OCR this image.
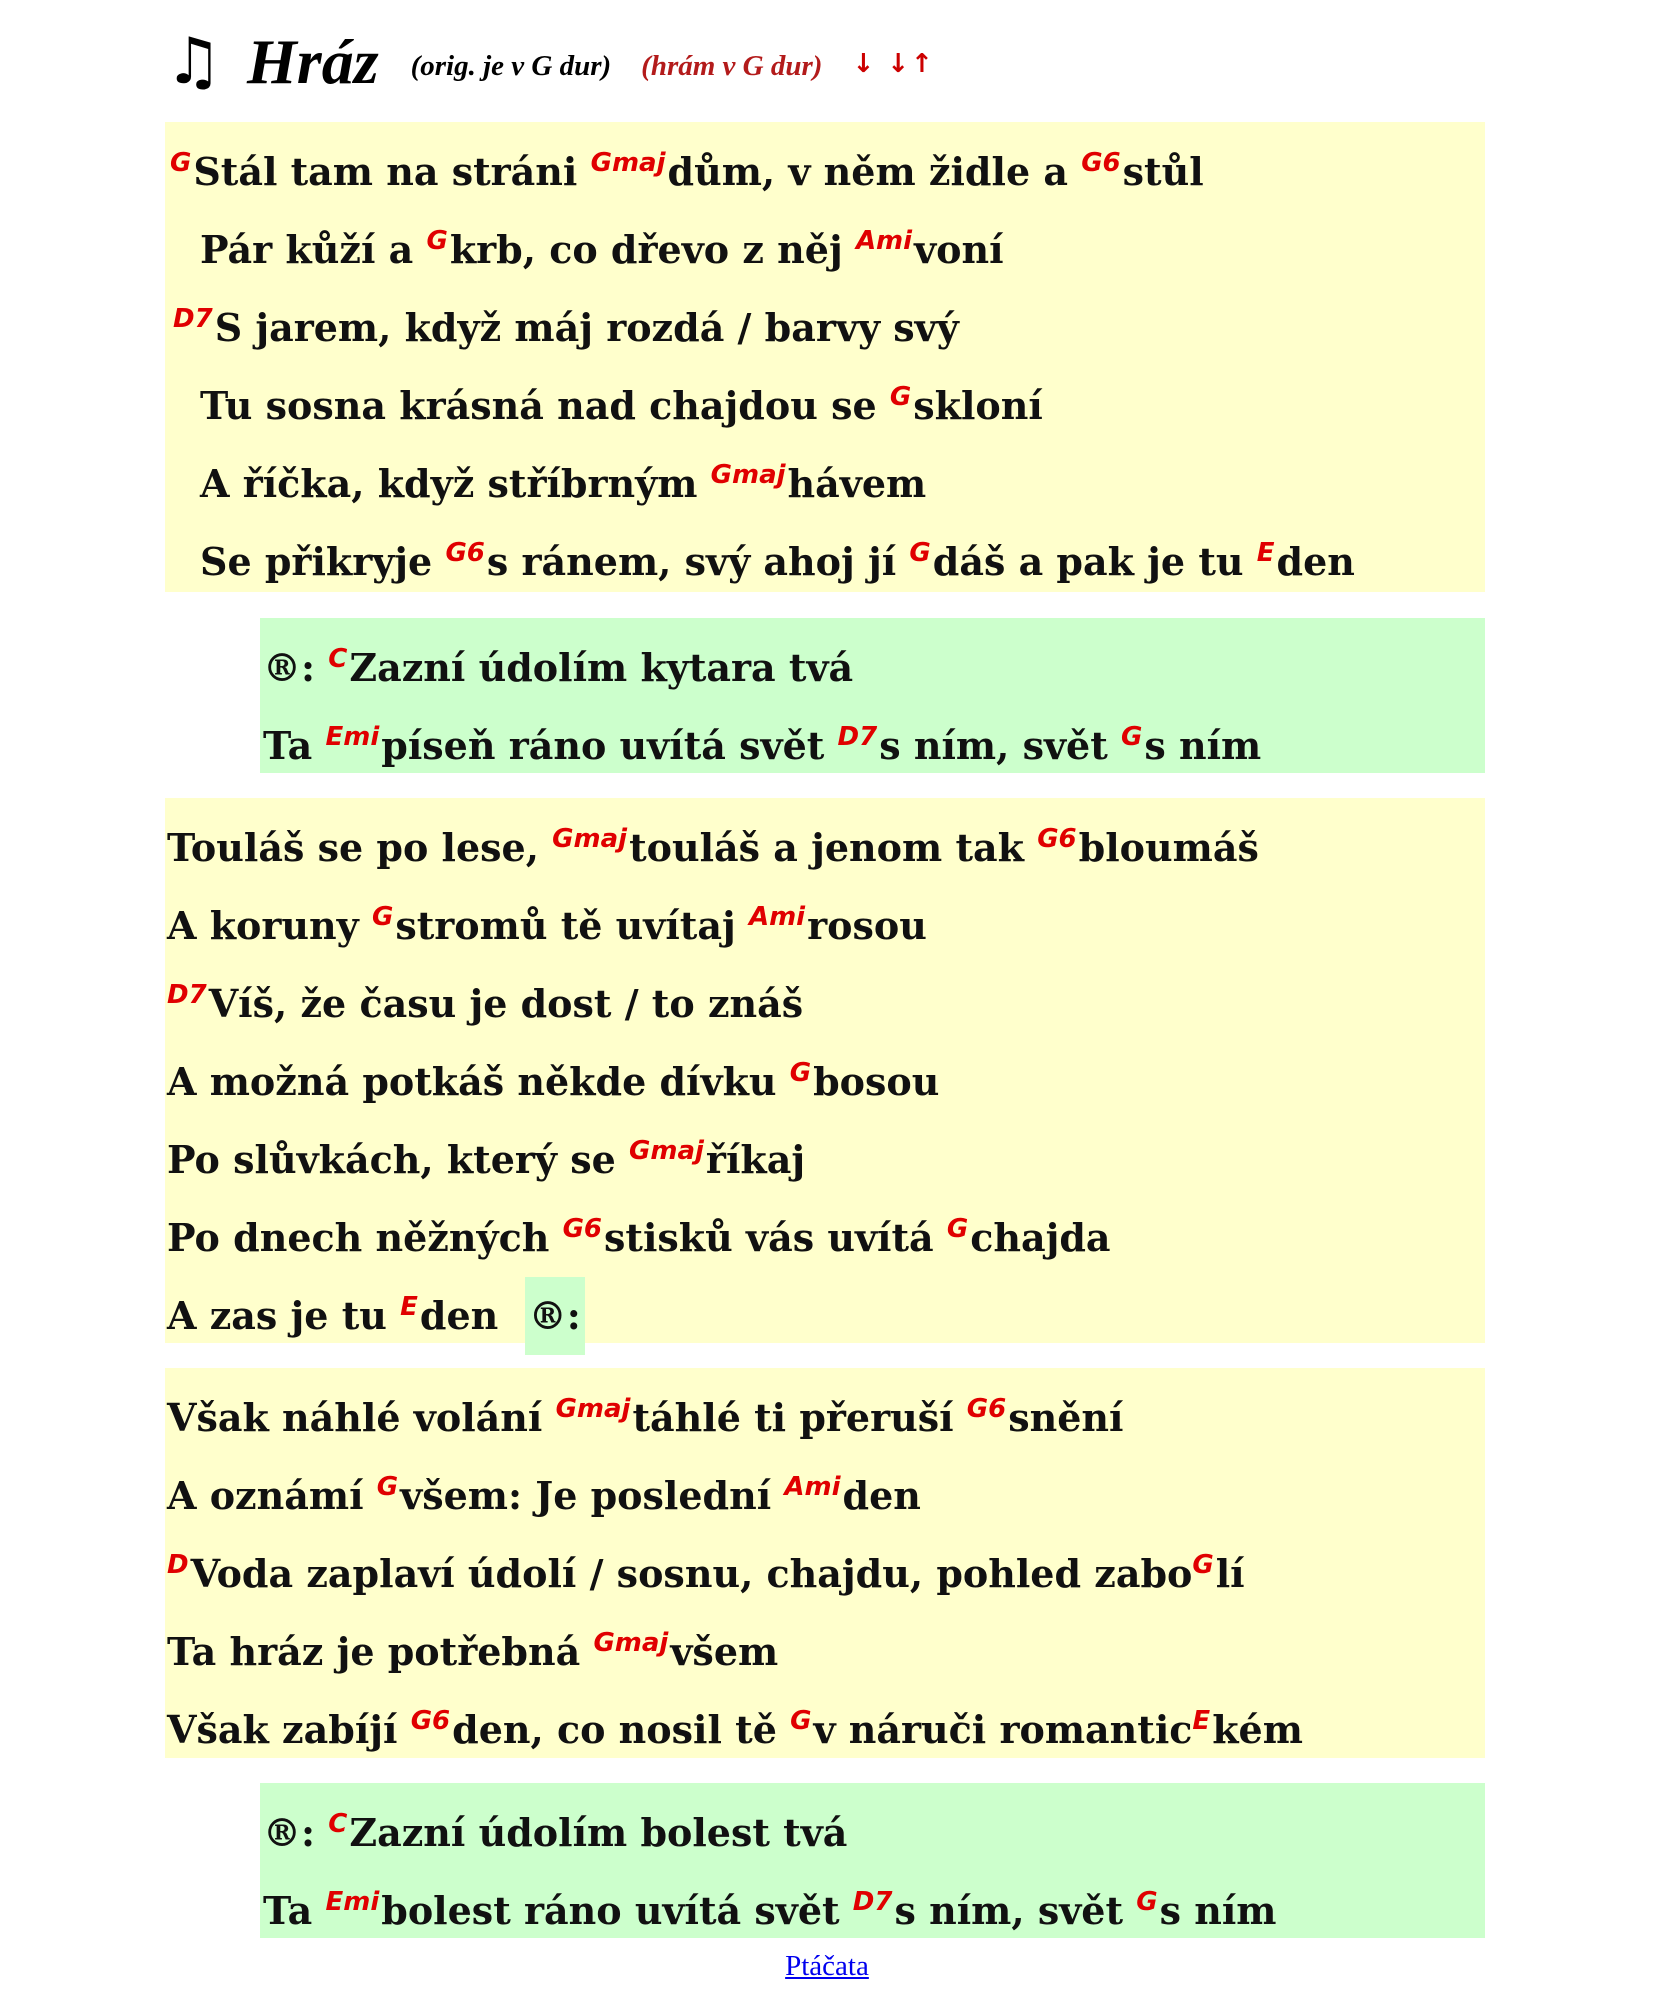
♫ Hráz (orig. je v G dur) (hrám v G dur) ↓ ↓↑
$^G$Stál tam na stráni $^{Gmaj}$dům, v něm židle a $^{G6}$stůl
Pár kůží a $^G$krb, co dřevo z něj $^{Ami}$voní
$^{D7}$S jarem, když máj rozdá / barvy svý
Tu sosna krásná nad chajdou se $^G$skloní
A říčka, když stříbrným $^{Gmaj}$hávem
Se přikryje $^{G6}$s ránem, svý ahoj jí $^G$dáš a pak je tu $^E$den
®: $^C$Zazní údolím kytara tvá
Ta $^{Emi}$píseň ráno uvítá svět $^{D7}$s ním, svět $^G$s ním
Touláš se po lese, $^{Gmaj}$touláš a jenom tak $^{G6}$bloumáš
A koruny $^G$stromů tě uvítaj $^{Ami}$rosou
$^{D7}$Víš, že času je dost / to znáš
A možná potkáš někde dívku $^G$bosou
Po slůvkách, který se $^{Gmaj}$říkaj
Po dnech něžných $^{G6}$stisků vás uvítá $^G$chajda
A zas je tu $^E$den  ®:
Však náhlé volání $^{Gmaj}$táhlé ti přeruší $^{G6}$snění
A oznámí $^G$všem: Je poslední $^{Ami}$den
$^D$Voda zaplaví údolí / sosnu, chajdu, pohled zabo$^G$lí
Ta hráz je potřebná $^{Gmaj}$všem
Však zabíjí $^{G6}$den, co nosil tě $^G$v náruči romantic$^E$kém
®: $^C$Zazní údolím bolest tvá
Ta $^{Emi}$bolest ráno uvítá svět $^{D7}$s ním, svět $^G$s ním
Ptáčata
